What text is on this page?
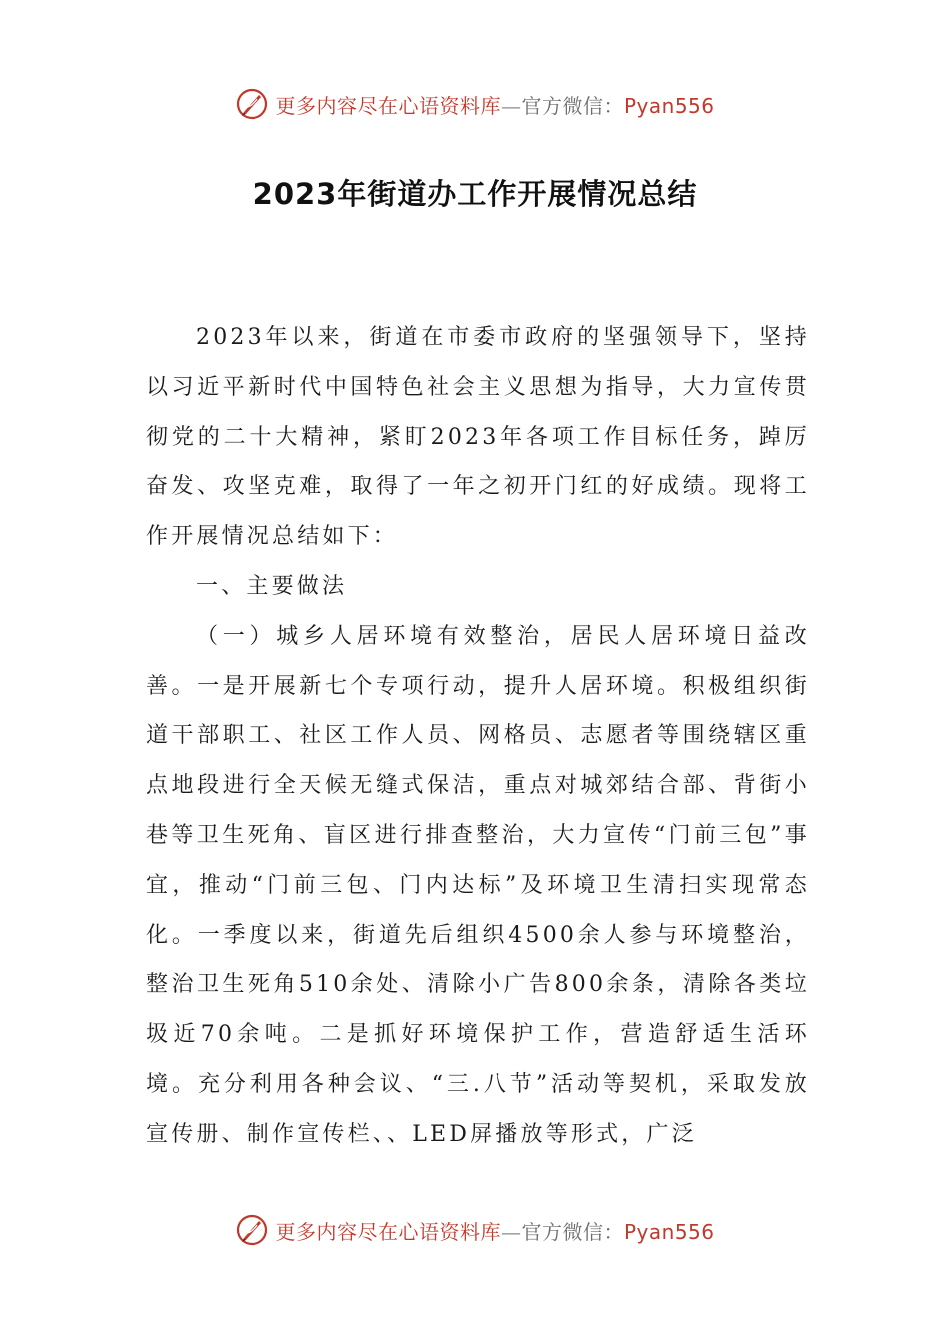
更多内容尽在心语资料库—官方微信：Pyan556
2023年街道办工作开展情况总结

2023年以来，街道在市委市政府的坚强领导下，坚持以习近平新时代中国特色社会主义思想为指导，大力宣传贯彻党的二十大精神，紧盯2023年各项工作目标任务，踔厉奋发、攻坚克难，取得了一年之初开门红的好成绩。现将工作开展情况总结如下：

一、主要做法

（一）城乡人居环境有效整治，居民人居环境日益改善。一是开展新七个专项行动，提升人居环境。积极组织街道干部职工、社区工作人员、网格员、志愿者等围绕辖区重点地段进行全天候无缝式保洁，重点对城郊结合部、背街小巷等卫生死角、盲区进行排查整治，大力宣传“门前三包”事宜，推动“门前三包、门内达标”及环境卫生清扫实现常态化。一季度以来，街道先后组织4500余人参与环境整治，整治卫生死角510余处、清除小广告800余条，清除各类垃圾近70余吨。二是抓好环境保护工作，营造舒适生活环境。充分利用各种会议、“三.八节”活动等契机，采取发放宣传册、制作宣传栏、、LED屏播放等形式，广泛

更多内容尽在心语资料库—官方微信：Pyan556
